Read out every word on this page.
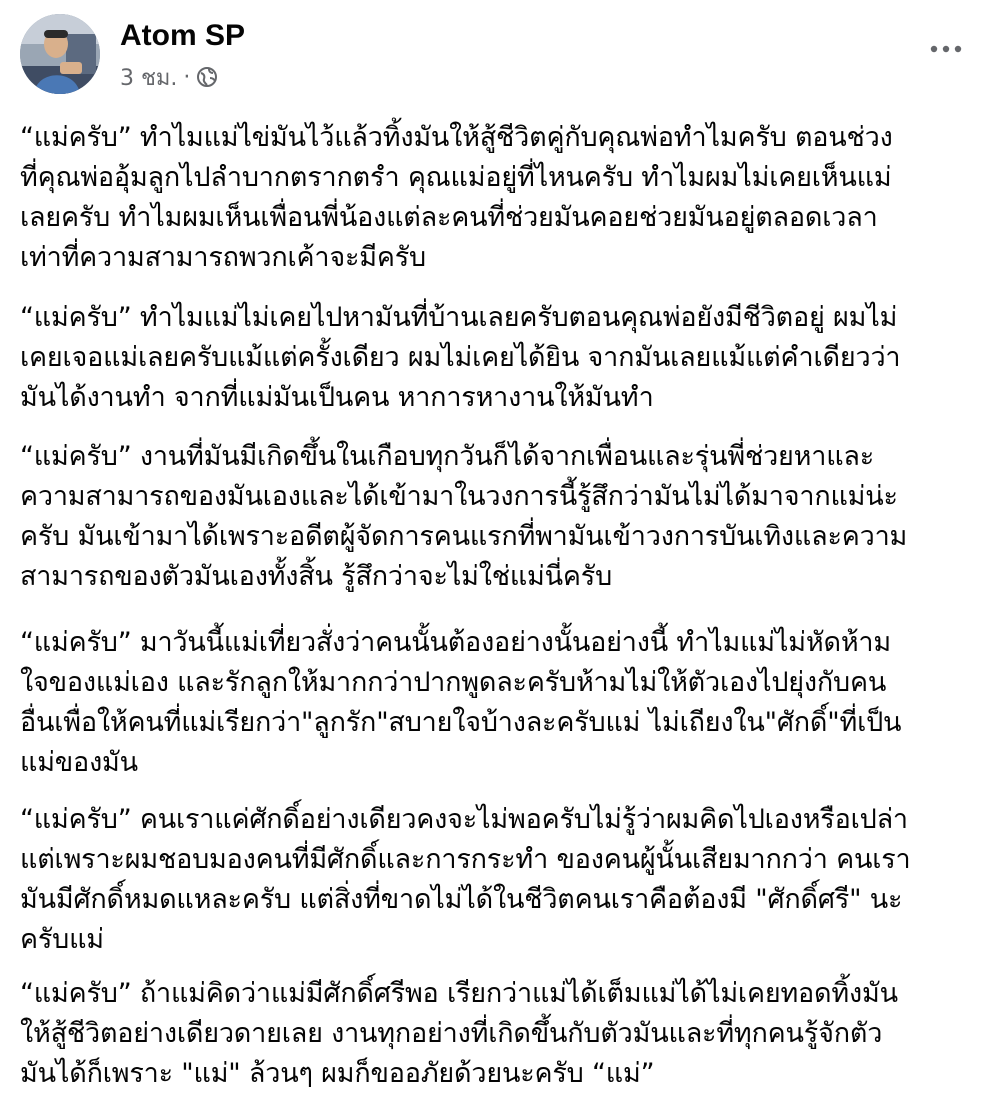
Atom SP
3 ชม. ·

“แม่ครับ” ทำไมแม่ไข่มันไว้แล้วทิ้งมันให้สู้ชีวิตคู่กับคุณพ่อทำไมครับ ตอนช่วง
ที่คุณพ่ออุ้มลูกไปลำบากตรากตรำ คุณแม่อยู่ที่ไหนครับ ทำไมผมไม่เคยเห็นแม่
เลยครับ ทำไมผมเห็นเพื่อนพี่น้องแต่ละคนที่ช่วยมันคอยช่วยมันอยู่ตลอดเวลา
เท่าที่ความสามารถพวกเค้าจะมีครับ

“แม่ครับ” ทำไมแม่ไม่เคยไปหามันที่บ้านเลยครับตอนคุณพ่อยังมีชีวิตอยู่ ผมไม่
เคยเจอแม่เลยครับแม้แต่ครั้งเดียว ผมไม่เคยได้ยิน จากมันเลยแม้แต่คำเดียวว่า
มันได้งานทำ จากที่แม่มันเป็นคน หาการหางานให้มันทำ

“แม่ครับ” งานที่มันมีเกิดขึ้นในเกือบทุกวันก็ได้จากเพื่อนและรุ่นพี่ช่วยหาและ
ความสามารถของมันเองและได้เข้ามาในวงการนี้รู้สึกว่ามันไม่ได้มาจากแม่น่ะ
ครับ มันเข้ามาได้เพราะอดีตผู้จัดการคนแรกที่พามันเข้าวงการบันเทิงและความ
สามารถของตัวมันเองทั้งสิ้น รู้สึกว่าจะไม่ใช่แม่นี่ครับ

“แม่ครับ” มาวันนี้แม่เที่ยวสั่งว่าคนนั้นต้องอย่างนั้นอย่างนี้ ทำไมแม่ไม่หัดห้าม
ใจของแม่เอง และรักลูกให้มากกว่าปากพูดละครับห้ามไม่ให้ตัวเองไปยุ่งกับคน
อื่นเพื่อให้คนที่แม่เรียกว่า"ลูกรัก"สบายใจบ้างละครับแม่ ไม่เถียงใน"ศักดิ์"ที่เป็น
แม่ของมัน

“แม่ครับ” คนเราแค่ศักดิ์อย่างเดียวคงจะไม่พอครับไม่รู้ว่าผมคิดไปเองหรือเปล่า
แต่เพราะผมชอบมองคนที่มีศักดิ์และการกระทำ ของคนผู้นั้นเสียมากกว่า คนเรา
มันมีศักดิ์หมดแหละครับ แต่สิ่งที่ขาดไม่ได้ในชีวิตคนเราคือต้องมี "ศักดิ์ศรี" นะ
ครับแม่

“แม่ครับ” ถ้าแม่คิดว่าแม่มีศักดิ์ศรีพอ เรียกว่าแม่ได้เต็มแม่ได้ไม่เคยทอดทิ้งมัน
ให้สู้ชีวิตอย่างเดียวดายเลย งานทุกอย่างที่เกิดขึ้นกับตัวมันและที่ทุกคนรู้จักตัว
มันได้ก็เพราะ "แม่" ล้วนๆ ผมก็ขออภัยด้วยนะครับ “แม่”
